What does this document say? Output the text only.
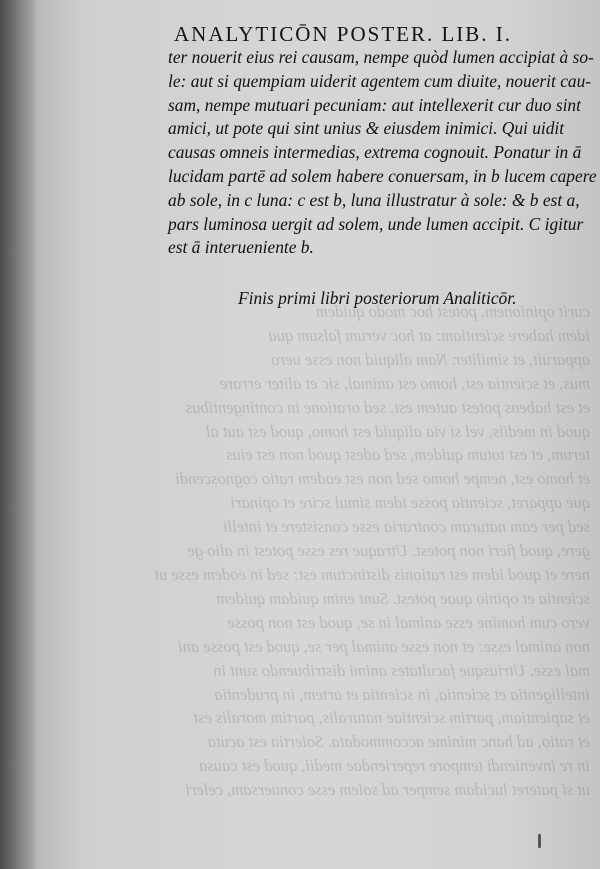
curit opinionem, potest hoc modo quidem
idem habere scientiam: at hoc verum falsum qua
apparuit, et similiter. Nam aliquid non esse uero
mus, et scientia est, homo est animal, sic et aliter errare
et est habens potest autem est, sed oratione in contingentibus
quod in mediis, vel si via aliquid est homo, quod est aut al
terum, et est totum quidem, sed adest quod non est eius
et homo est, nempe homo sed non est eadem ratio cognoscendi
que apparet, scientia posse idem simul scire et opinari
sed per eam naturam contraria esse consistere et intelli
gere, quod fieri non potest. Utraque res esse potest in alio ge
nere et quod idem est rationis distinctum est: sed in eodem esse ut
scientia et opinio quae potest. Sunt enim quidam quidem
vero cum homine esse animal in se, quod est non posse
non animal esse: et non esse animal per se, quod est posse ani
mal esse. Utriusque facultates animi distribuendo sunt in
intelligentia et scientia, in scientia et artem, in prudentia
et sapientiam, partim scientiae naturalis, partim moralis est
et ratio, ad hanc minime accommodata. Solertia est acuta
in re inveniendi tempore reperiendae medii, quod est causa
ut si pateret lucidam semper ad solem esse conuersam, celeri
ANALYTICŌN POSTER. LIB. I.
ter nouerit eius rei causam, nempe quòd lumen accipiat à so-
le: aut si quempiam uiderit agentem cum diuite, nouerit cau-
sam, nempe mutuari pecuniam: aut intellexerit cur duo sint
amici, ut pote qui sint unius & eiusdem inimici. Qui uidit
causas omneis intermedias, extrema cognouit. Ponatur in ā
lucidam partē ad solem habere conuersam, in b lucem capere
ab sole, in c luna: c est b, luna illustratur à sole: & b est a,
pars luminosa uergit ad solem, unde lumen accipit. C igitur
est ā interueniente b.
Finis primi libri posteriorum Analiticōr.
